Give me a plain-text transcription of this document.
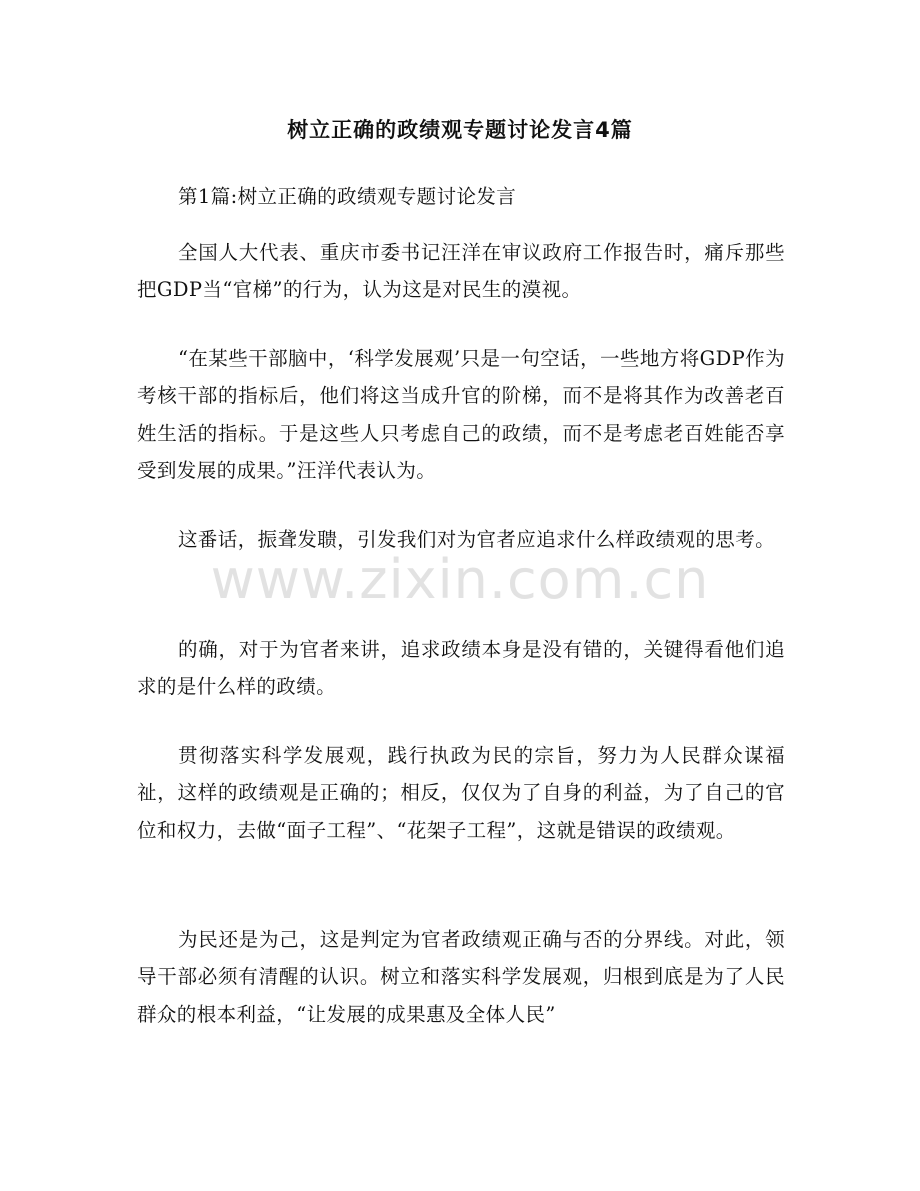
树立正确的政绩观专题讨论发言4篇

第1篇:树立正确的政绩观专题讨论发言

全国人大代表、重庆市委书记汪洋在审议政府工作报告时，痛斥那些把GDP当“官梯”的行为，认为这是对民生的漠视。

“在某些干部脑中，‘科学发展观’只是一句空话，一些地方将GDP作为考核干部的指标后，他们将这当成升官的阶梯，而不是将其作为改善老百姓生活的指标。于是这些人只考虑自己的政绩，而不是考虑老百姓能否享受到发展的成果。”汪洋代表认为。

这番话，振聋发聩，引发我们对为官者应追求什么样政绩观的思考。

的确，对于为官者来讲，追求政绩本身是没有错的，关键得看他们追求的是什么样的政绩。

贯彻落实科学发展观，践行执政为民的宗旨，努力为人民群众谋福祉，这样的政绩观是正确的；相反，仅仅为了自身的利益，为了自己的官位和权力，去做“面子工程”、“花架子工程”，这就是错误的政绩观。

为民还是为己，这是判定为官者政绩观正确与否的分界线。对此，领导干部必须有清醒的认识。树立和落实科学发展观，归根到底是为了人民群众的根本利益，“让发展的成果惠及全体人民”

www.zixin.com.cn
